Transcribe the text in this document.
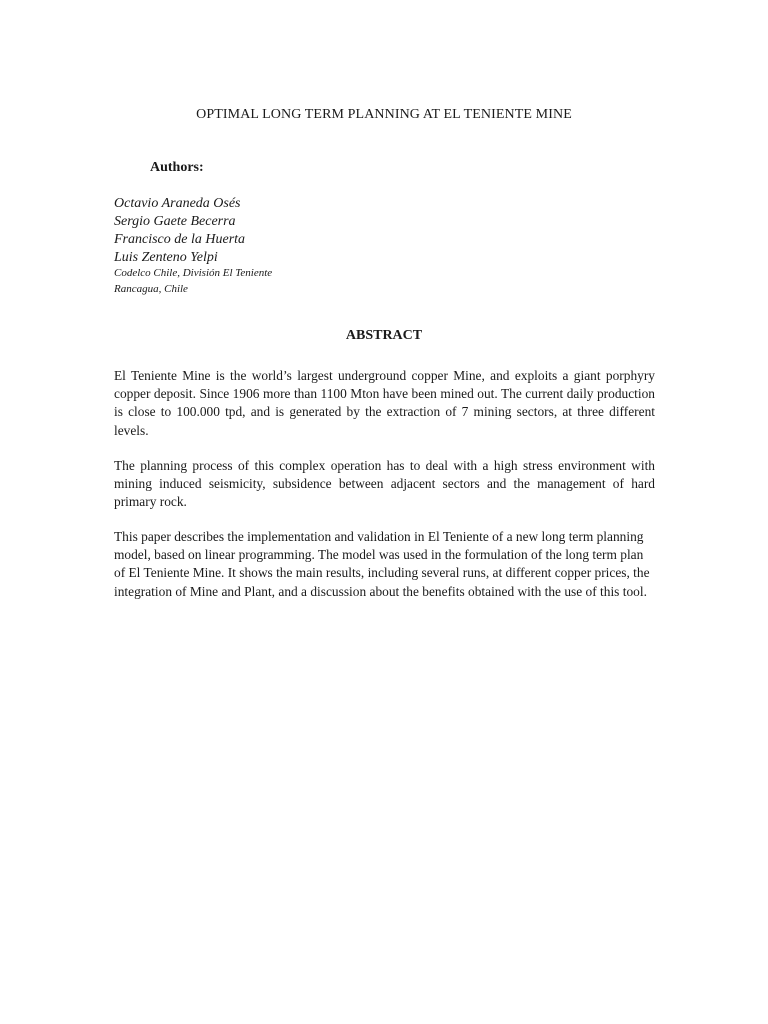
OPTIMAL LONG TERM PLANNING AT EL TENIENTE MINE
Authors:
Octavio Araneda Osés
Sergio Gaete Becerra
Francisco de la Huerta
Luis Zenteno Yelpi
Codelco Chile, División El Teniente
Rancagua, Chile
ABSTRACT

El Teniente Mine is the world’s largest underground copper Mine, and exploits a giant porphyry copper deposit. Since 1906 more than 1100 Mton have been mined out. The current daily production is close to 100.000 tpd, and is generated by the extraction of 7 mining sectors, at three different levels.

The planning process of this complex operation has to deal with a high stress environment with mining induced seismicity, subsidence between adjacent sectors and the management of hard primary rock.

This paper describes the implementation and validation in El Teniente of a new long term planning model, based on linear programming. The model was used in the formulation of the long term plan of El Teniente Mine. It shows the main results, including several runs, at different copper prices, the integration of Mine and Plant, and a discussion about the benefits obtained with the use of this tool.
